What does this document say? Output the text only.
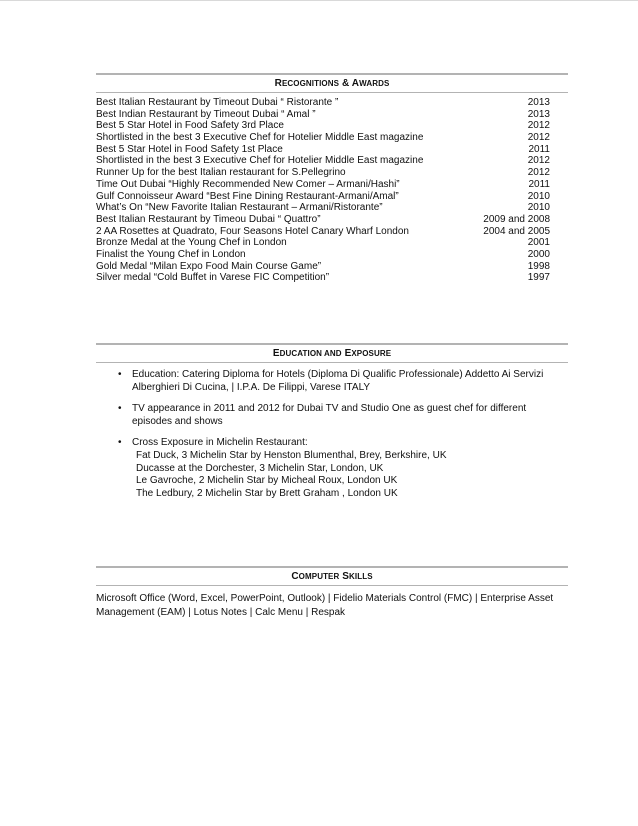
RECOGNITIONS & AWARDS
Best Italian Restaurant by Timeout Dubai “ Ristorante ”	2013
Best Indian Restaurant by Timeout Dubai “ Amal ”	2013
Best 5 Star Hotel in Food Safety 3rd Place	2012
Shortlisted in the best 3 Executive Chef for Hotelier Middle East magazine	2012
Best 5 Star Hotel in Food Safety 1st Place	2011
Shortlisted in the best 3 Executive Chef for Hotelier Middle East magazine	2012
Runner Up for the best Italian restaurant for S.Pellegrino	2012
Time Out Dubai “Highly Recommended New Comer – Armani/Hashi”	2011
Gulf Connoisseur Award “Best Fine Dining Restaurant-Armani/Amal”	2010
What’s On “New Favorite Italian Restaurant – Armani/Ristorante”	2010
Best Italian Restaurant by Timeou Dubai “ Quattro”	2009 and 2008
2 AA Rosettes at Quadrato, Four Seasons Hotel Canary Wharf London	2004 and 2005
Bronze Medal at the Young Chef in London	2001
Finalist the Young Chef in London	2000
Gold Medal “Milan Expo Food Main Course Game”	1998
Silver medal “Cold Buffet in Varese FIC Competition”	1997
EDUCATION AND EXPOSURE
• Education: Catering Diploma for Hotels (Diploma Di Qualific Professionale) Addetto Ai Servizi Alberghieri Di Cucina, | I.P.A. De Filippi, Varese ITALY
• TV appearance in 2011 and 2012 for Dubai TV and Studio One as guest chef for different episodes and shows
• Cross Exposure in Michelin Restaurant:
Fat Duck, 3 Michelin Star by Henston Blumenthal, Brey, Berkshire, UK
Ducasse at the Dorchester, 3 Michelin Star, London, UK
Le Gavroche, 2 Michelin Star by Micheal Roux, London UK
The Ledbury, 2 Michelin Star by Brett Graham , London UK
COMPUTER SKILLS
Microsoft Office (Word, Excel, PowerPoint, Outlook) | Fidelio Materials Control (FMC) | Enterprise Asset Management (EAM) | Lotus Notes | Calc Menu | Respak
